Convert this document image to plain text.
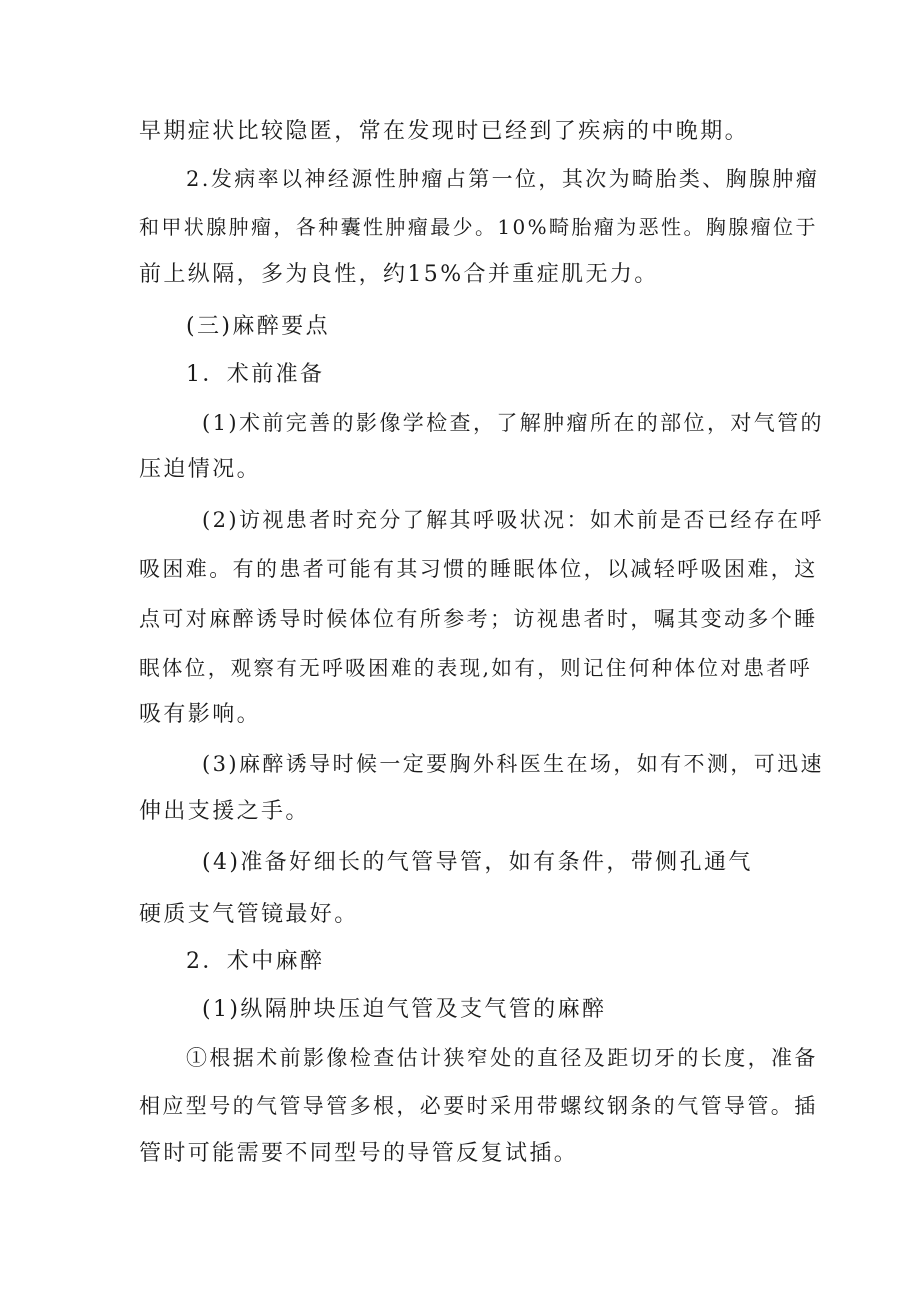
早期症状比较隐匿，常在发现时已经到了疾病的中晚期。
2.发病率以神经源性肿瘤占第一位，其次为畸胎类、胸腺肿瘤
和甲状腺肿瘤，各种囊性肿瘤最少。10%畸胎瘤为恶性。胸腺瘤位于
前上纵隔，多为良性，约15%合并重症肌无力。
(三)麻醉要点
1．术前准备
(1)术前完善的影像学检查，了解肿瘤所在的部位，对气管的
压迫情况。
(2)访视患者时充分了解其呼吸状况：如术前是否已经存在呼
吸困难。有的患者可能有其习惯的睡眠体位，以减轻呼吸困难，这
点可对麻醉诱导时候体位有所参考；访视患者时，嘱其变动多个睡
眠体位，观察有无呼吸困难的表现,如有，则记住何种体位对患者呼
吸有影响。
(3)麻醉诱导时候一定要胸外科医生在场，如有不测，可迅速
伸出支援之手。
(4)准备好细长的气管导管，如有条件，带侧孔通气
硬质支气管镜最好。
2．术中麻醉
(1)纵隔肿块压迫气管及支气管的麻醉
①根据术前影像检查估计狭窄处的直径及距切牙的长度，准备
相应型号的气管导管多根，必要时采用带螺纹钢条的气管导管。插
管时可能需要不同型号的导管反复试插。
